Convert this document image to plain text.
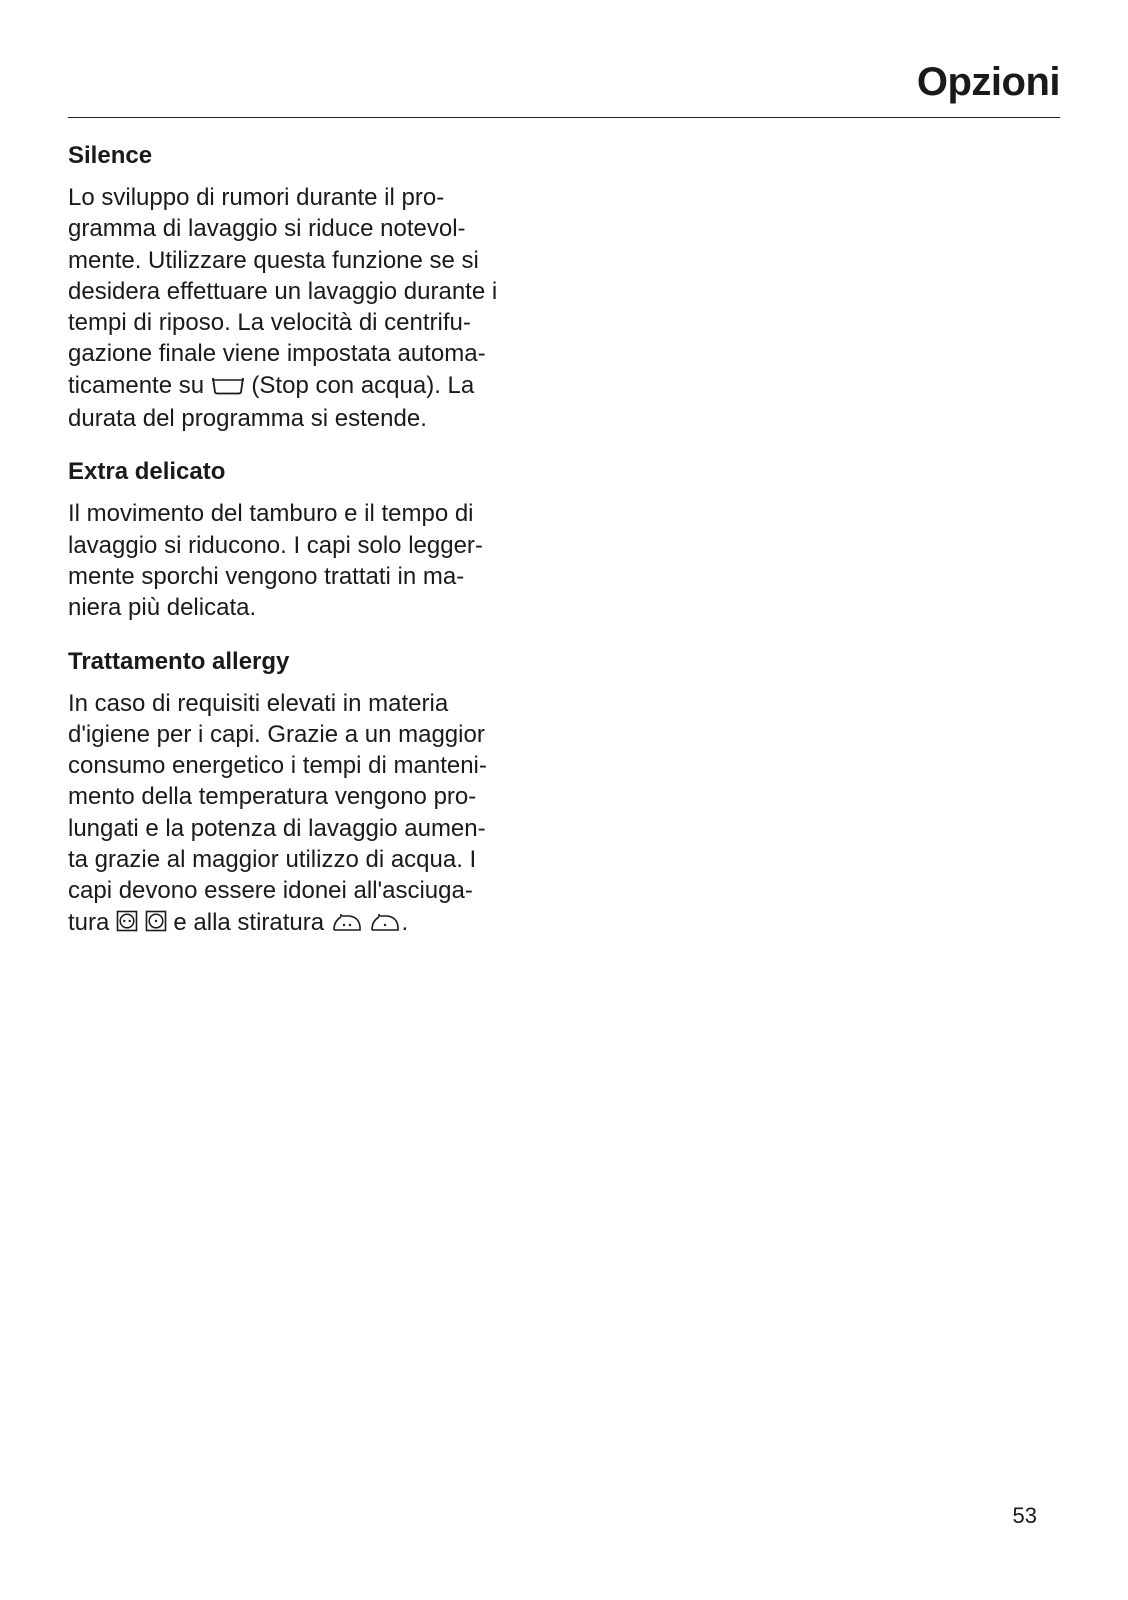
Opzioni
Silence
Lo sviluppo di rumori durante il pro-
gramma di lavaggio si riduce notevol-
mente. Utilizzare questa funzione se si
desidera effettuare un lavaggio durante i
tempi di riposo. La velocità di centrifu-
gazione finale viene impostata automa-
ticamente su (Stop con acqua). La
durata del programma si estende.
Extra delicato
Il movimento del tamburo e il tempo di
lavaggio si riducono. I capi solo legger-
mente sporchi vengono trattati in ma-
niera più delicata.
Trattamento allergy
In caso di requisiti elevati in materia
d'igiene per i capi. Grazie a un maggior
consumo energetico i tempi di manteni-
mento della temperatura vengono pro-
lungati e la potenza di lavaggio aumen-
ta grazie al maggior utilizzo di acqua. I
capi devono essere idonei all'asciuga-
tura	e alla stiratura	.
53
